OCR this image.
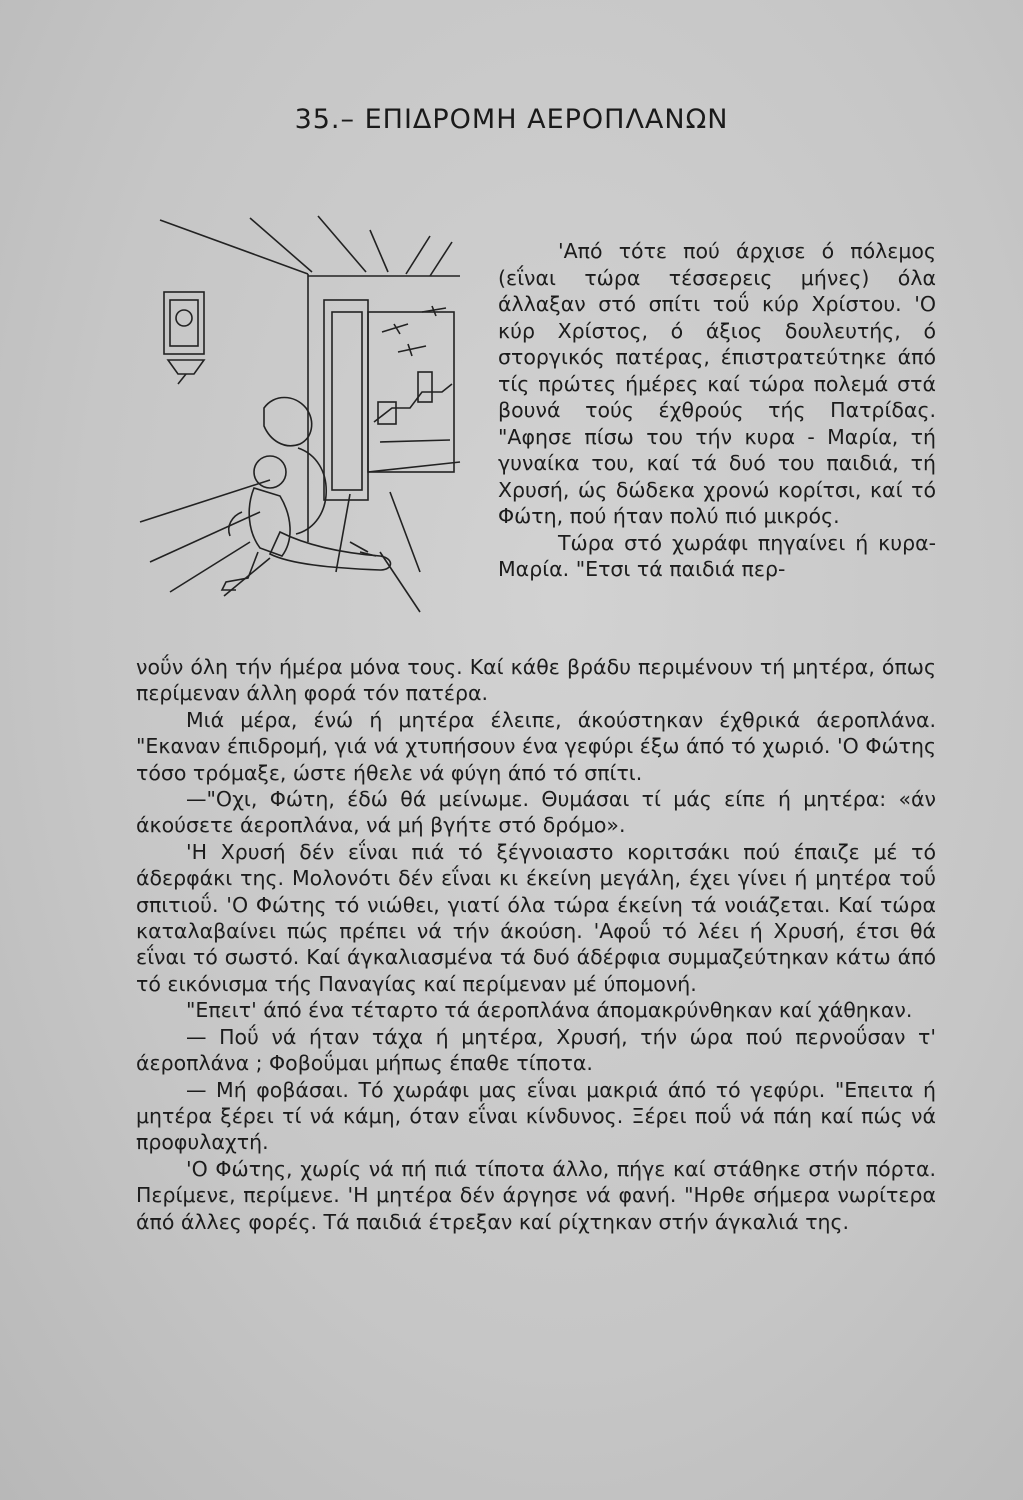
35.– ΕΠΙΔΡΟΜΗ ΑΕΡΟΠΛΑΝΩΝ

'Από τότε πού άρχισε ό πόλεμος (εΐναι τώρα τέσσερεις μήνες) όλα άλλαξαν στό σπίτι τοΰ κύρ Χρίστου. 'Ο κύρ Χρίστος, ό άξιος δουλευτής, ό στοργικός πατέρας, έπιστρατεύτηκε άπό τίς πρώτες ήμέρες καί τώρα πολεμά στά βουνά τούς έχθρούς τής Πατρίδας. "Αφησε πίσω του τήν κυρα - Μαρία, τή γυναίκα του, καί τά δυό του παιδιά, τή Χρυσή, ώς δώδεκα χρονώ κορίτσι, καί τό Φώτη, πού ήταν πολύ πιό μικρός.

Τώρα στό χωράφι πηγαίνει ή κυρα-Μαρία. "Ετσι τά παιδιά περ-

νοΰν όλη τήν ήμέρα μόνα τους. Καί κάθε βράδυ περιμένουν τή μητέρα, όπως περίμεναν άλλη φορά τόν πατέρα.

Μιά μέρα, ένώ ή μητέρα έλειπε, άκούστηκαν έχθρικά άεροπλάνα. "Εκαναν έπιδρομή, γιά νά χτυπήσουν ένα γεφύρι έξω άπό τό χωριό. 'Ο Φώτης τόσο τρόμαξε, ώστε ήθελε νά φύγη άπό τό σπίτι.

—"Οχι, Φώτη, έδώ θά μείνωμε. Θυμάσαι τί μάς είπε ή μητέρα: «άν άκούσετε άεροπλάνα, νά μή βγήτε στό δρόμο».

'Η Χρυσή δέν εΐναι πιά τό ξέγνοιαστο κοριτσάκι πού έπαιζε μέ τό άδερφάκι της. Μολονότι δέν εΐναι κι έκείνη μεγάλη, έχει γίνει ή μητέρα τοΰ σπιτιοΰ. 'Ο Φώτης τό νιώθει, γιατί όλα τώρα έκείνη τά νοιάζεται. Καί τώρα καταλαβαίνει πώς πρέπει νά τήν άκούση. 'Αφοΰ τό λέει ή Χρυσή, έτσι θά εΐναι τό σωστό. Καί άγκαλιασμένα τά δυό άδέρφια συμμαζεύτηκαν κάτω άπό τό εικόνισμα τής Παναγίας καί περίμεναν μέ ύπομονή.

"Επειτ' άπό ένα τέταρτο τά άεροπλάνα άπομακρύνθηκαν καί χάθηκαν.

— Ποΰ νά ήταν τάχα ή μητέρα, Χρυσή, τήν ώρα πού περνοΰσαν τ' άεροπλάνα ; Φοβοΰμαι μήπως έπαθε τίποτα.

— Μή φοβάσαι. Τό χωράφι μας εΐναι μακριά άπό τό γεφύρι. "Επειτα ή μητέρα ξέρει τί νά κάμη, όταν εΐναι κίνδυνος. Ξέρει ποΰ νά πάη καί πώς νά προφυλαχτή.

'Ο Φώτης, χωρίς νά πή πιά τίποτα άλλο, πήγε καί στάθηκε στήν πόρτα. Περίμενε, περίμενε. 'Η μητέρα δέν άργησε νά φανή. "Ηρθε σήμερα νωρίτερα άπό άλλες φορές. Τά παιδιά έτρεξαν καί ρίχτηκαν στήν άγκαλιά της.
